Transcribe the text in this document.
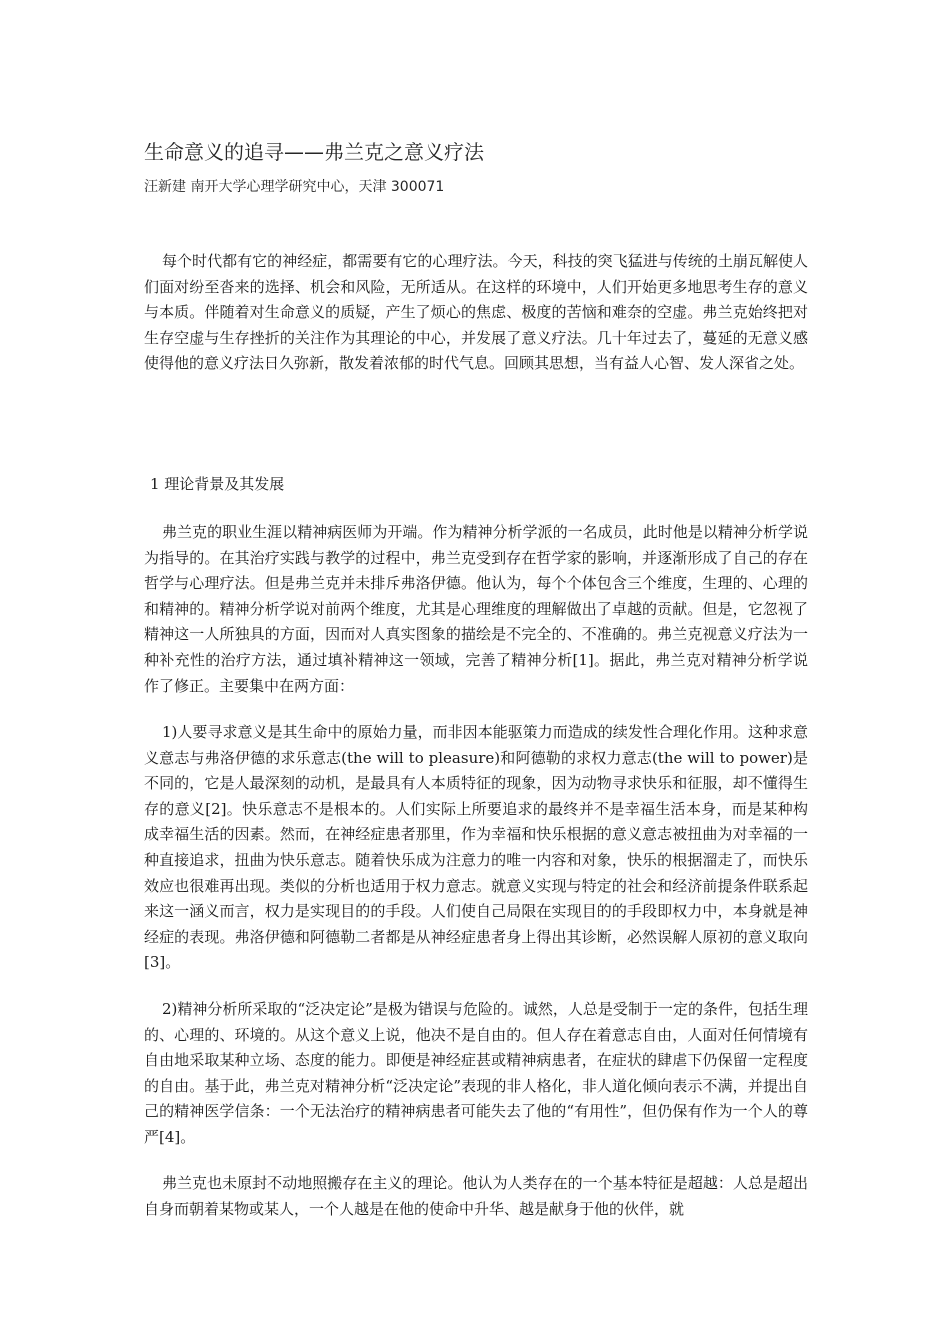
生命意义的追寻——弗兰克之意义疗法
汪新建 南开大学心理学研究中心，天津 300071

每个时代都有它的神经症，都需要有它的心理疗法。今天，科技的突飞猛进与传统的土崩瓦解使人们面对纷至沓来的选择、机会和风险，无所适从。在这样的环境中，人们开始更多地思考生存的意义与本质。伴随着对生命意义的质疑，产生了烦心的焦虑、极度的苦恼和难奈的空虚。弗兰克始终把对生存空虚与生存挫折的关注作为其理论的中心，并发展了意义疗法。几十年过去了，蔓延的无意义感使得他的意义疗法日久弥新，散发着浓郁的时代气息。回顾其思想，当有益人心智、发人深省之处。

1 理论背景及其发展

弗兰克的职业生涯以精神病医师为开端。作为精神分析学派的一名成员，此时他是以精神分析学说为指导的。在其治疗实践与教学的过程中，弗兰克受到存在哲学家的影响，并逐渐形成了自己的存在哲学与心理疗法。但是弗兰克并未排斥弗洛伊德。他认为，每个个体包含三个维度，生理的、心理的和精神的。精神分析学说对前两个维度，尤其是心理维度的理解做出了卓越的贡献。但是，它忽视了精神这一人所独具的方面，因而对人真实图象的描绘是不完全的、不准确的。弗兰克视意义疗法为一种补充性的治疗方法，通过填补精神这一领域，完善了精神分析[1]。据此，弗兰克对精神分析学说作了修正。主要集中在两方面：

1)人要寻求意义是其生命中的原始力量，而非因本能驱策力而造成的续发性合理化作用。这种求意义意志与弗洛伊德的求乐意志(the will to pleasure)和阿德勒的求权力意志(the will to power)是不同的，它是人最深刻的动机，是最具有人本质特征的现象，因为动物寻求快乐和征服，却不懂得生存的意义[2]。快乐意志不是根本的。人们实际上所要追求的最终并不是幸福生活本身，而是某种构成幸福生活的因素。然而，在神经症患者那里，作为幸福和快乐根据的意义意志被扭曲为对幸福的一种直接追求，扭曲为快乐意志。随着快乐成为注意力的唯一内容和对象，快乐的根据溜走了，而快乐效应也很难再出现。类似的分析也适用于权力意志。就意义实现与特定的社会和经济前提条件联系起来这一涵义而言，权力是实现目的的手段。人们使自己局限在实现目的的手段即权力中，本身就是神经症的表现。弗洛伊德和阿德勒二者都是从神经症患者身上得出其诊断，必然误解人原初的意义取向[3]。

2)精神分析所采取的“泛决定论”是极为错误与危险的。诚然，人总是受制于一定的条件，包括生理的、心理的、环境的。从这个意义上说，他决不是自由的。但人存在着意志自由，人面对任何情境有自由地采取某种立场、态度的能力。即便是神经症甚或精神病患者，在症状的肆虐下仍保留一定程度的自由。基于此，弗兰克对精神分析“泛决定论”表现的非人格化，非人道化倾向表示不满，并提出自己的精神医学信条：一个无法治疗的精神病患者可能失去了他的“有用性”，但仍保有作为一个人的尊严[4]。

弗兰克也未原封不动地照搬存在主义的理论。他认为人类存在的一个基本特征是超越：人总是超出自身而朝着某物或某人，一个人越是在他的使命中升华、越是献身于他的伙伴，就
